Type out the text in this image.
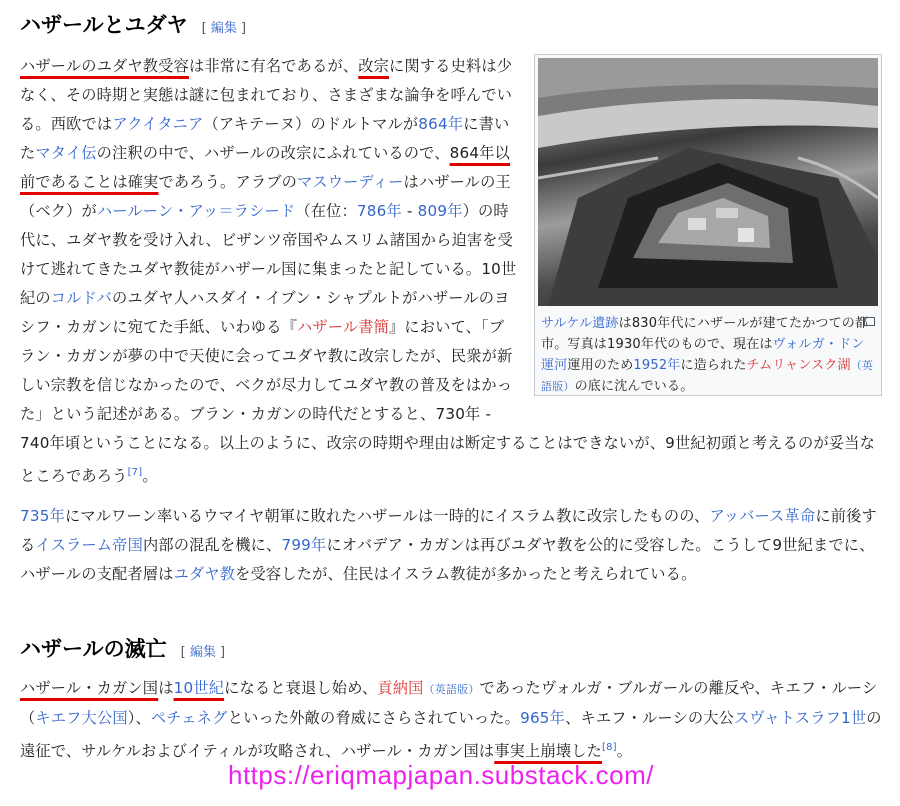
ハザールとユダヤ [ 編集 ]

サルケル遺跡は830年代にハザールが建てたかつての都市。写真は1930年代のもので、現在はヴォルガ・ドン運河運用のため1952年に造られたチムリャンスク湖（英語版）の底に沈んでいる。
ハザールのユダヤ教受容は非常に有名であるが、改宗に関する史料は少なく、その時期と実態は謎に包まれており、さまざまな論争を呼んでいる。西欧ではアクイタニア（アキテーヌ）のドルトマルが864年に書いたマタイ伝の注釈の中で、ハザールの改宗にふれているので、864年以前であることは確実であろう。アラブのマスウーディーはハザールの王（ベク）がハールーン・アッ＝ラシード（在位：786年 - 809年）の時代に、ユダヤ教を受け入れ、ビザンツ帝国やムスリム諸国から迫害を受けて逃れてきたユダヤ教徒がハザール国に集まったと記している。10世紀のコルドバのユダヤ人ハスダイ・イブン・シャプルトがハザールのヨシフ・カガンに宛てた手紙、いわゆる『ハザール書簡』において、「ブラン・カガンが夢の中で天使に会ってユダヤ教に改宗したが、民衆が新しい宗教を信じなかったので、ベクが尽力してユダヤ教の普及をはかった」という記述がある。ブラン・カガンの時代だとすると、730年 - 740年頃ということになる。以上のように、改宗の時期や理由は断定することはできないが、9世紀初頭と考えるのが妥当なところであろう[7]。

735年にマルワーン率いるウマイヤ朝軍に敗れたハザールは一時的にイスラム教に改宗したものの、アッバース革命に前後するイスラーム帝国内部の混乱を機に、799年にオバデア・カガンは再びユダヤ教を公的に受容した。こうして9世紀までに、ハザールの支配者層はユダヤ教を受容したが、住民はイスラム教徒が多かったと考えられている。

ハザールの滅亡 [ 編集 ]

ハザール・カガン国は10世紀になると衰退し始め、貢納国（英語版）であったヴォルガ・ブルガールの離反や、キエフ・ルーシ（キエフ大公国）、ペチェネグといった外敵の脅威にさらされていった。965年、キエフ・ルーシの大公スヴャトスラフ1世の遠征で、サルケルおよびイティルが攻略され、ハザール・カガン国は事実上崩壊した[8]。

https://eriqmapjapan.substack.com/
